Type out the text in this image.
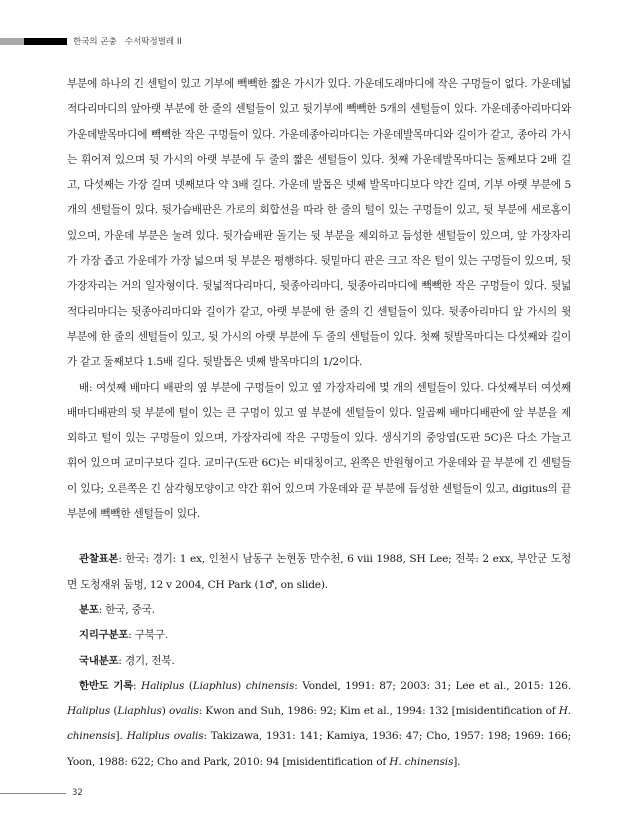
한국의 곤충   수서딱정벌레 II

부분에 하나의 긴 센털이 있고 기부에 빽빽한 짧은 가시가 있다. 가운데도래마디에 작은 구멍들이 없다. 가운데넓적다리마디의 앞아랫 부분에 한 줄의 센털들이 있고 뒷기부에 빽빽한 5개의 센털들이 있다. 가운데종아리마디와 가운데발목마디에 빽빽한 작은 구멍들이 있다. 가운데종아리마디는 가운데발목마디와 길이가 같고, 종아리 가시는 휘어져 있으며 뒷 가시의 아랫 부분에 두 줄의 짧은 센털들이 있다. 첫째 가운데발목마디는 둘째보다 2배 길고, 다섯째는 가장 길며 넷째보다 약 3배 길다. 가운데 발톱은 넷째 발목마디보다 약간 길며, 기부 아랫 부분에 5개의 센털들이 있다. 뒷가슴배판은 가로의 회합선을 따라 한 줄의 털이 있는 구멍들이 있고, 뒷 부분에 세로홈이 있으며, 가운데 부분은 눌려 있다. 뒷가슴배판 돌기는 뒷 부분을 제외하고 듬성한 센털들이 있으며, 앞 가장자리가 가장 좁고 가운데가 가장 넓으며 뒷 부분은 평행하다. 뒷밑마디 판은 크고 작은 털이 있는 구멍들이 있으며, 뒷 가장자리는 거의 일자형이다. 뒷넓적다리마디, 뒷종아리마디, 뒷종아리마디에 빽빽한 작은 구멍들이 있다. 뒷넓적다리마디는 뒷종아리마디와 길이가 같고, 아랫 부분에 한 줄의 긴 센털들이 있다. 뒷종아리마디 앞 가시의 윗 부분에 한 줄의 센털들이 있고, 뒷 가시의 아랫 부분에 두 줄의 센털들이 있다. 첫째 뒷발목마디는 다섯째와 길이가 같고 둘째보다 1.5배 길다. 뒷발톱은 넷째 발목마디의 1/2이다.

배: 여섯째 배마디 배판의 옆 부분에 구멍들이 있고 옆 가장자리에 몇 개의 센털들이 있다. 다섯째부터 여섯째 배마디배판의 뒷 부분에 털이 있는 큰 구멍이 있고 옆 부분에 센털들이 있다. 일곱째 배마디배판에 앞 부분을 제외하고 털이 있는 구멍들이 있으며, 가장자리에 작은 구멍들이 있다. 생식기의 중앙엽(도판 5C)은 다소 가늘고 휘어 있으며 교미구보다 길다. 교미구(도판 6C)는 비대칭이고, 왼쪽은 반원형이고 가운데와 끝 부분에 긴 센털들이 있다; 오른쪽은 긴 삼각형모양이고 약간 휘어 있으며 가운데와 끝 부분에 듬성한 센털들이 있고, digitus의 끝 부분에 빽빽한 센털들이 있다.

관찰표본: 한국: 경기: 1 ex, 인천시 남동구 논현동 만수천, 6 viii 1988, SH Lee; 전북: 2 exx, 부안군 도청면 도청재위 둠벙, 12 v 2004, CH Park (1♂, on slide).

분포: 한국, 중국.

지리구분포: 구북구.

국내분포: 경기, 전북.

한반도 기록: Haliplus (Liaphlus) chinensis: Vondel, 1991: 87; 2003: 31; Lee et al., 2015: 126. Haliplus (Liaphlus) ovalis: Kwon and Suh, 1986: 92; Kim et al., 1994: 132 [misidentification of H. chinensis]. Haliplus ovalis: Takizawa, 1931: 141; Kamiya, 1936: 47; Cho, 1957: 198; 1969: 166; Yoon, 1988: 622; Cho and Park, 2010: 94 [misidentification of H. chinensis].

32
